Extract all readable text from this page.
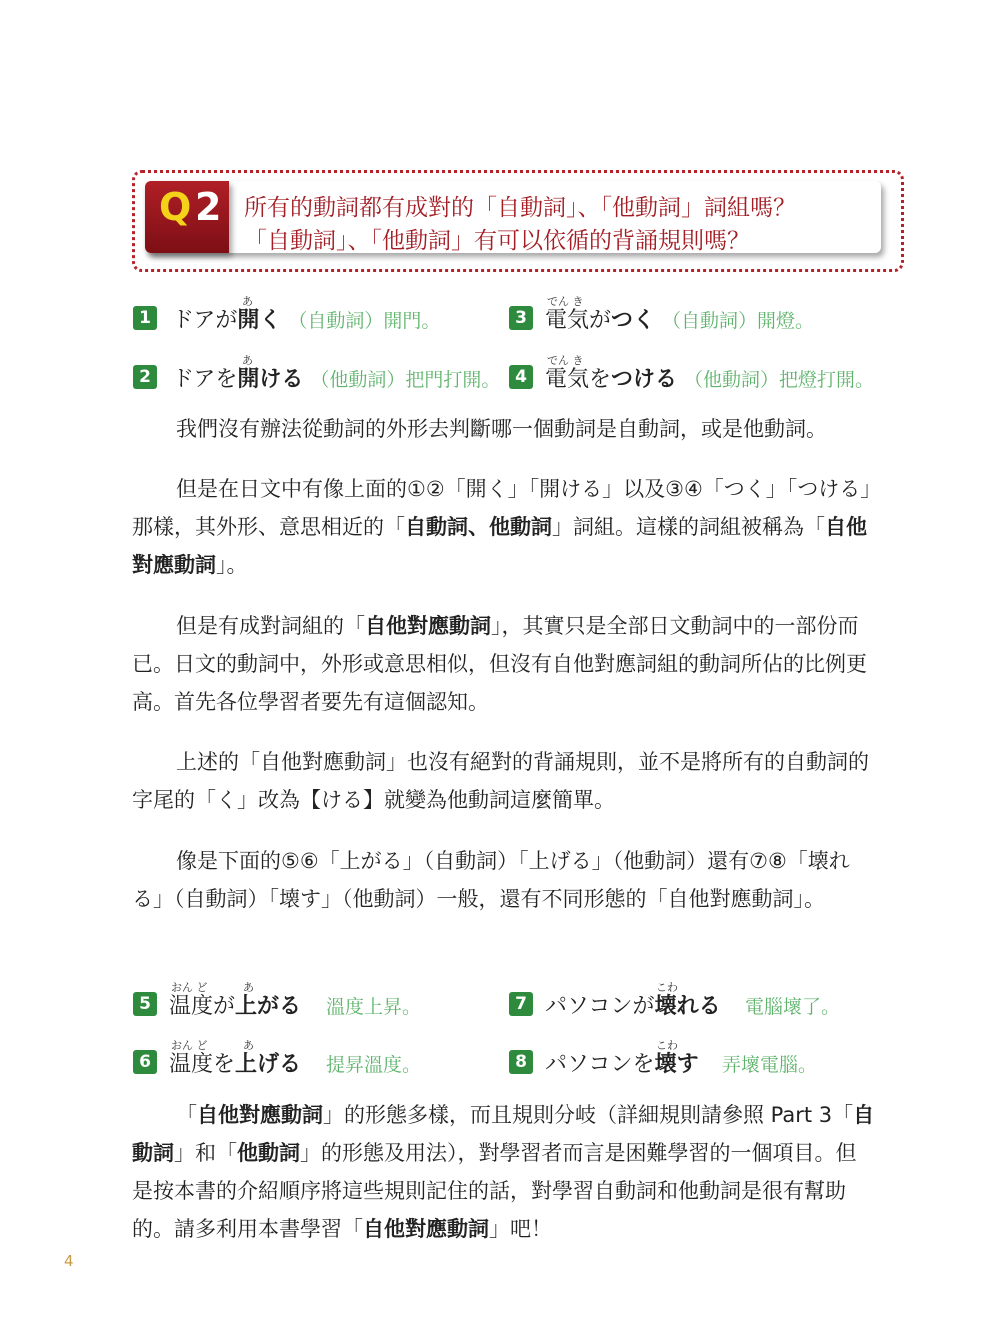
Q 2 所有的動詞都有成對的「自動詞」、「他動詞」詞組嗎？
「自動詞」、「他動詞」有可以依循的背誦規則嗎？
1
あ
ドアが開く （自動詞）開門。
2
あ
ドアを開ける （他動詞）把門打開。
3
でん き
電気がつく （自動詞）開燈。
4
でん き
電気をつける （他動詞）把燈打開。

我們沒有辦法從動詞的外形去判斷哪一個動詞是自動詞，或是他動詞。

但是在日文中有像上面的①②「開く」「開ける」以及③④「つく」「つける」那樣，其外形、意思相近的「自動詞、他動詞」詞組。這樣的詞組被稱為「自他對應動詞」。

但是有成對詞組的「自他對應動詞」，其實只是全部日文動詞中的一部份而已。日文的動詞中，外形或意思相似，但沒有自他對應詞組的動詞所佔的比例更高。首先各位學習者要先有這個認知。

上述的「自他對應動詞」也沒有絕對的背誦規則，並不是將所有的自動詞的字尾的「く」改為【ける】就變為他動詞這麼簡單。

像是下面的⑤⑥「上がる」（自動詞）「上げる」（他動詞）還有⑦⑧「壊れる」（自動詞）「壊す」（他動詞）一般，還有不同形態的「自他對應動詞」。

5
おん ど	あ
温度が上がる 溫度上昇。
6
おん ど	あ
温度を上げる 提昇溫度。
7
こわ
パソコンが壊れる 電腦壞了。
8
こわ
パソコンを壊す 弄壞電腦。

「自他對應動詞」的形態多樣，而且規則分岐（詳細規則請參照 Part 3「自動詞」和「他動詞」的形態及用法），對學習者而言是困難學習的一個項目。但是按本書的介紹順序將這些規則記住的話，對學習自動詞和他動詞是很有幫助的。請多利用本書學習「自他對應動詞」吧！

4
